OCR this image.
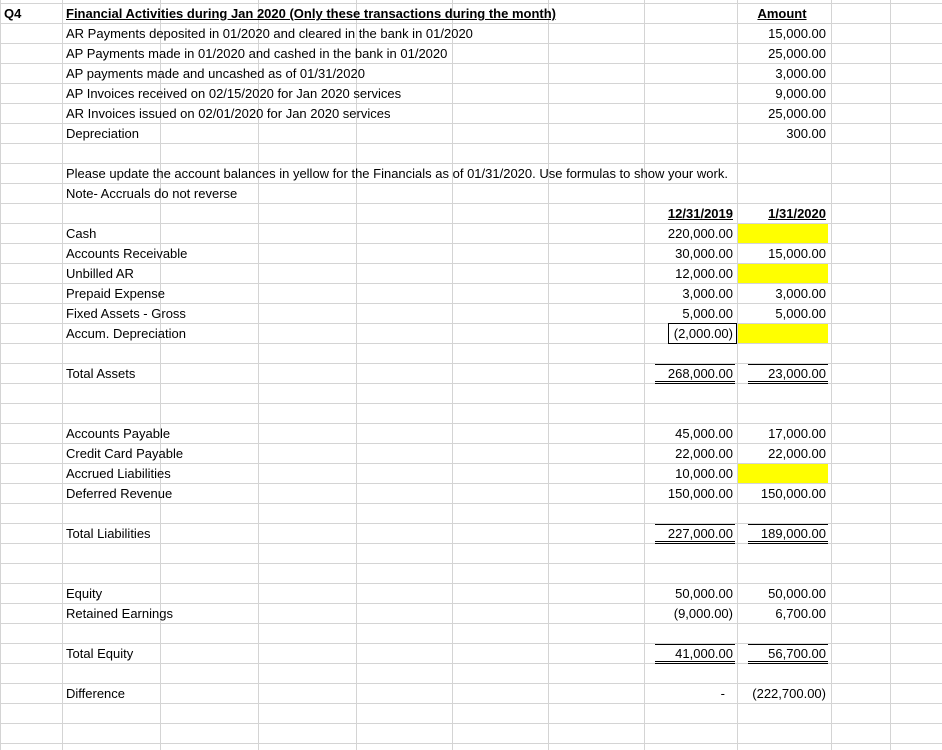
Q4	Financial Activities during Jan 2020 (Only these transactions during the month)	Amount
AR Payments deposited in 01/2020 and cleared in the bank in 01/2020	15,000.00
AP Payments made in 01/2020 and cashed in the bank in 01/2020	25,000.00
AP payments made and uncashed as of 01/31/2020	3,000.00
AP Invoices received on 02/15/2020 for Jan 2020 services	9,000.00
AR Invoices issued on 02/01/2020 for Jan 2020 services	25,000.00
Depreciation	300.00
Please update the account balances in yellow for the Financials as of 01/31/2020. Use formulas to show your work.
Note- Accruals do not reverse
12/31/2019	1/31/2020
Cash	220,000.00
Accounts Receivable	30,000.00	15,000.00
Unbilled AR	12,000.00
Prepaid Expense	3,000.00	3,000.00
Fixed Assets - Gross	5,000.00	5,000.00
Accum. Depreciation	(2,000.00)
Total Assets	268,000.00	23,000.00
Accounts Payable	45,000.00	17,000.00
Credit Card Payable	22,000.00	22,000.00
Accrued Liabilities	10,000.00
Deferred Revenue	150,000.00	150,000.00
Total Liabilities	227,000.00	189,000.00
Equity	50,000.00	50,000.00
Retained Earnings	(9,000.00)	6,700.00
Total Equity	41,000.00	56,700.00
Difference	-	(222,700.00)
